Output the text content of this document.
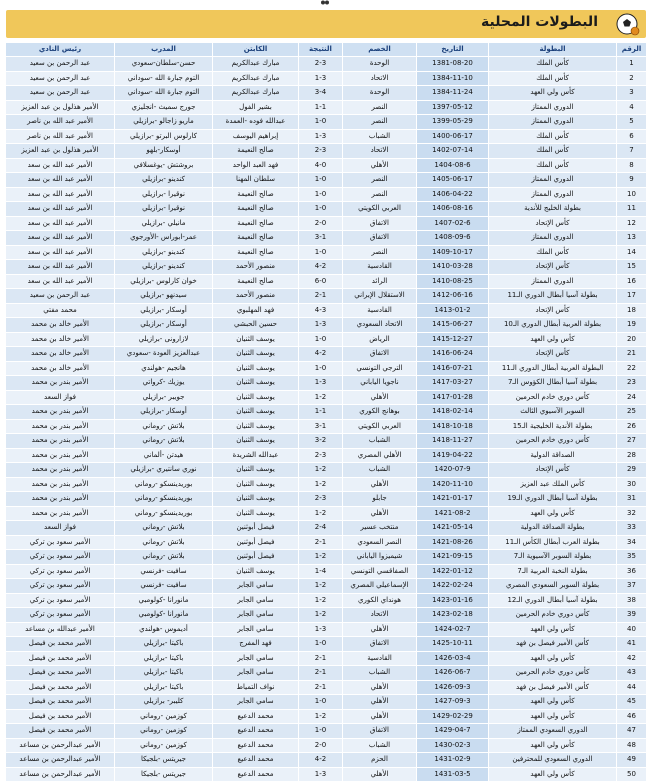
البطولات المحلية
الرقم	البطولة	التاريخ	الخصم	النتيجة	الكابتن	المدرب	رئيس النادي
1	كأس الملك	1381-08-20	الوحدة	2-3	مبارك عبدالكريم	حسن-سلطان-سعودي	عبد الرحمن بن سعيد
2	كأس الملك	1384-11-10	الاتحاد	1-3	مبارك عبدالكريم	التوم جبارة الله -سوداني	عبد الرحمن بن سعيد
3	كأس ولي العهد	1384-11-24	الوحدة	3-4	مبارك عبدالكريم	التوم جبارة الله -سوداني	عبد الرحمن بن سعيد
4	الدوري الممتاز	1397-05-12	النصر	1-1	بشير الفول	جورج سميث -انجليزي	الأمير هذلول بن عبد العزيز
5	الدوري الممتاز	1399-05-29	النصر	1-0	عبدالله فوده -العمدة	ماريو زاجالو -برازيلي	الأمير عبد الله بن ناصر
6	كأس الملك	1400-06-17	الشباب	1-3	إبراهيم اليوسف	كارلوس البرتو -برازيلي	الأمير عبد الله بن ناصر
7	كأس الملك	1402-07-14	الاتحاد	2-3	صالح النعيمة	أوسكار-بلهو	الأمير هذلول بن عبد العزيز
8	كأس الملك	1404-08-6	الأهلي	4-0	فهد العبد الواحد	بروشتش -يوغسلافي	الأمير عبد الله بن سعد
9	الدوري الممتاز	1405-06-17	النصر	1-0	سلطان المهنا	كندينو -برازيلي	الأمير عبد الله بن سعد
10	الدوري الممتاز	1406-04-22	النصر	1-0	صالح النعيمة	نوقيرا -برازيلي	الأمير عبد الله بن سعد
11	بطولة الخليج للأندية	1406-08-16	العربي الكويتي	1-0	صالح النعيمة	نوقيرا -برازيلي	الأمير عبد الله بن سعد
12	كأس الإتحاد	1407-02-6	الاتفاق	2-0	صالح النعيمة	مانيلي -برازيلي	الأمير عبد الله بن سعد
13	الدوري الممتاز	1408-09-6	الاتفاق	3-1	صالح النعيمة	عمر-ابوراس -الأورجوي	الأمير عبد الله بن سعد
14	كأس الملك	1409-10-17	النصر	1-0	صالح النعيمة	كندينو -برازيلي	الأمير عبد الله بن سعد
15	كأس الإتحاد	1410-03-28	القادسية	4-2	منصور الأحمد	كندينو -برازيلي	الأمير عبد الله بن سعد
16	الدوري الممتاز	1410-08-25	الرائد	6-0	صالح النعيمة	خوان كارلوس -برازيلي	الأمير عبد الله بن سعد
17	بطولة آسيا أبطال الدوري الـ11	1412-06-16	الاستقلال الإيراني	2-1	منصور الأحمد	سيدنهو -برازيلي	عبد الرحمن بن سعيد
18	كأس الإتحاد	1413-01-2	القادسية	4-3	فهد المهلبوي	أوسكار -برازيلي	محمد مفتي
19	بطولة العربية أبطال الدوري الـ10	1415-06-27	الاتحاد السعودي	1-3	حسين الحبشي	أوسكار -برازيلي	الأمير خالد بن محمد
20	كأس ولي العهد	1415-12-27	الرياض	1-0	يوسف الثنيان	لازارونى -برازيلي	الأمير خالد بن محمد
21	كأس الإتحاد	1416-06-24	الاتفاق	4-2	يوسف الثنيان	عبدالعزيز العودة -سعودي	الأمير خالد بن محمد
22	البطولة العربية أبطال الدوري الـ11	1416-07-21	الترجي التونسي	1-0	يوسف الثنيان	هانجيم -هولندي	الأمير خالد بن محمد
23	بطولة آسيا أبطال الكؤوس الـ7	1417-03-27	ناجويا الياباني	1-3	يوسف الثنيان	يوزيك -كرواتي	الأمير بندر بن محمد
24	كأس دوري خادم الحرمين	1417-01-28	الأهلي	1-2	يوسف الثنيان	جويبر -برازيلي	فواز السعد
25	السوبر الآسيوي الثالث	1418-02-14	بوهانج الكوري	1-1	يوسف الثنيان	أوسكار -برازيلي	الأمير بندر بن محمد
26	بطولة الأندية الخليجية الـ15	1418-10-18	العربي الكويتي	3-1	يوسف الثنيان	بلاتش -روماني	الأمير بندر بن محمد
27	كأس دوري خادم الحرمين	1418-11-27	الشباب	3-2	يوسف الثنيان	بلاتش -روماني	الأمير بندر بن محمد
28	الصداقة الدولية	1419-04-22	الأهلي المصري	2-3	عبدالله الشريدة	هيدتن -ألماني	الأمير بندر بن محمد
29	كأس الإتحاد	1420-07-9	الشباب	1-2	يوسف الثنيان	نوري سانتيري -برازيلي	الأمير بندر بن محمد
30	كأس الملك عبد العزيز	1420-11-10	الأهلي	1-2	يوسف الثنيان	بوريدينسكو -روماني	الأمير بندر بن محمد
31	بطولة آسيا أبطال الدوري الـ19	1421-01-17	جابلو	2-3	يوسف الثنيان	بوريدينسكو -روماني	الأمير بندر بن محمد
32	كأس ولي العهد	1421-08-2	الأهلي	1-2	يوسف الثنيان	بوريدينسكو -روماني	الأمير بندر بن محمد
33	بطولة الصداقة الدولية	1421-05-14	منتخب عسير	2-4	فيصل أبوثنين	بلاتش -روماني	فواز السعد
34	بطولة العرب أبطال الكأس الـ11	1421-08-26	النصر السعودي	2-1	فيصل أبوثنين	بلاتش -روماني	الأمير سعود بن تركي
35	بطولة السوبر الآسيوية الـ7	1421-09-15	شيميزوا الياباني	1-2	فيصل أبوثنين	بلاتش -روماني	الأمير سعود بن تركي
36	بطولة النخبة العربية الـ7	1422-01-12	الصفاقسي التونسي	1-4	يوسف الثنيان	سافيت -فرنسي	الأمير سعود بن تركي
37	بطولة السوبر السعودي المصري	1422-02-24	الإسماعيلي المصري	1-2	سامي الجابر	سافيت -فرنسي	الأمير سعود بن تركي
38	بطولة آسيا أبطال الدوري الـ12	1423-01-16	هونداي الكوري	1-2	سامي الجابر	مانورانا -كولومبي	الأمير سعود بن تركي
39	كأس دوري خادم الحرمين	1423-02-18	الاتحاد	1-2	سامي الجابر	مانورانا -كولومبي	الأمير سعود بن تركي
40	كأس ولي العهد	1424-02-7	الأهلي	1-3	سامي الجابر	أديموس -هولندي	الأمير عبدالله بن مساعد
41	كأس الأمير فيصل بن فهد	1425-10-11	الاتفاق	1-0	فهد المفرج	باكيتا -برازيلي	الأمير محمد بن فيصل
42	كأس ولي العهد	1426-03-4	القادسية	2-1	سامي الجابر	باكيتا -برازيلي	الأمير محمد بن فيصل
43	كأس دوري خادم الحرمين	1426-06-7	الشباب	2-1	سامي الجابر	باكيتا -برازيلي	الأمير محمد بن فيصل
44	كأس الأمير فيصل بن فهد	1426-09-3	الأهلي	2-1	نواف التمياط	باكيتا -برازيلي	الأمير محمد بن فيصل
45	كأس ولي العهد	1427-09-3	الأهلي	1-0	سامي الجابر	كليبر- برازيلي	الأمير محمد بن فيصل
46	كأس ولي العهد	1429-02-29	الأهلي	1-2	محمد الدعيع	كوزمين -روماني	الأمير محمد بن فيصل
47	الدوري السعودي الممتاز	1429-04-7	الاتفاق	1-0	محمد الدعيع	كوزمين -روماني	الأمير محمد بن فيصل
48	كأس ولي العهد	1430-02-3	الشباب	2-0	محمد الدعيع	كوزمين -روماني	الأمير عبدالرحمن بن مساعد
49	الدوري السعودي للمحترفين	1431-02-9	الحزم	4-2	محمد الدعيع	جيريتس -بلجيكا	الأمير عبدالرحمن بن مساعد
50	كأس ولي العهد	1431-03-5	الأهلي	1-3	محمد الدعيع	جيريتس -بلجيكا	الأمير عبدالرحمن بن مساعد
